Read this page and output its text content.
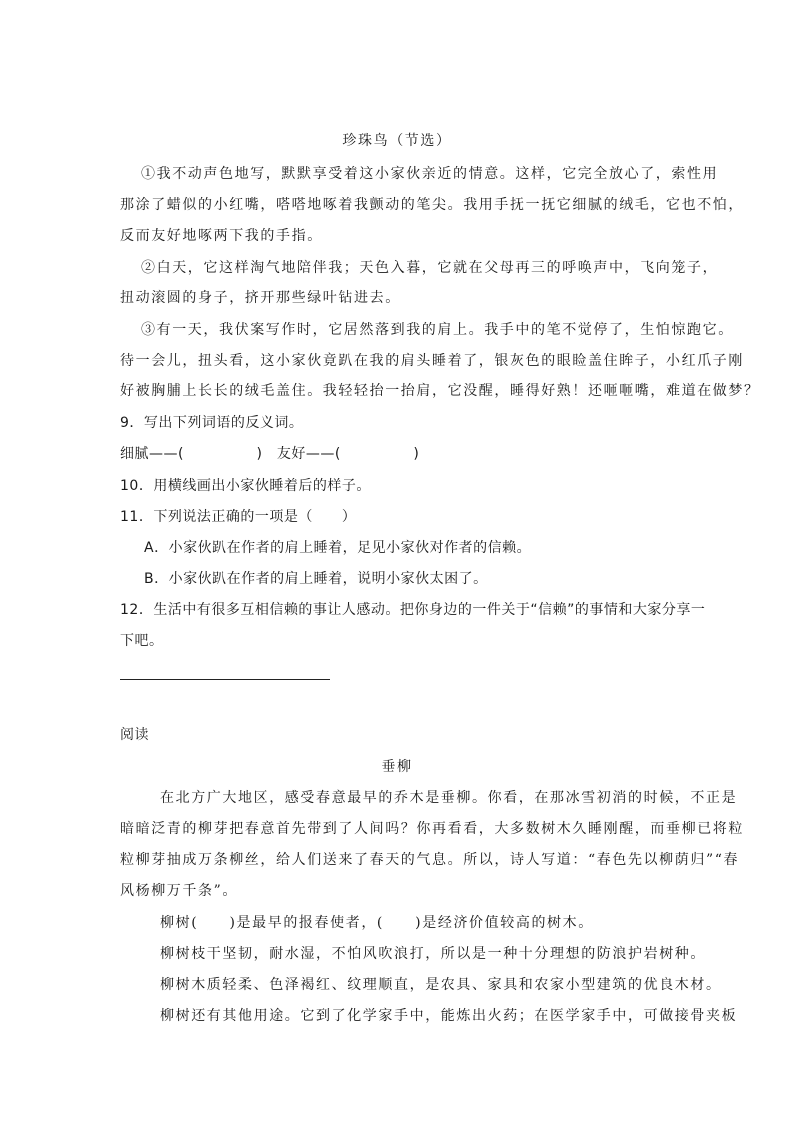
珍珠鸟（节选）
①我不动声色地写，默默享受着这小家伙亲近的情意。这样，它完全放心了，索性用
那涂了蜡似的小红嘴，嗒嗒地啄着我颤动的笔尖。我用手抚一抚它细腻的绒毛，它也不怕，
反而友好地啄两下我的手指。
②白天，它这样淘气地陪伴我；天色入暮，它就在父母再三的呼唤声中，飞向笼子，
扭动滚圆的身子，挤开那些绿叶钻进去。
③有一天，我伏案写作时，它居然落到我的肩上。我手中的笔不觉停了，生怕惊跑它。
待一会儿，扭头看，这小家伙竟趴在我的肩头睡着了，银灰色的眼睑盖住眸子，小红爪子刚
好被胸脯上长长的绒毛盖住。我轻轻抬一抬肩，它没醒，睡得好熟！还咂咂嘴，难道在做梦？
9．写出下列词语的反义词。
细腻——(　　　　　)　友好——(　　　　　)
10．用横线画出小家伙睡着后的样子。
11．下列说法正确的一项是（　　）
A．小家伙趴在作者的肩上睡着，足见小家伙对作者的信赖。
B．小家伙趴在作者的肩上睡着，说明小家伙太困了。
12．生活中有很多互相信赖的事让人感动。把你身边的一件关于“信赖”的事情和大家分享一
下吧。
阅读
垂柳
在北方广大地区，感受春意最早的乔木是垂柳。你看，在那冰雪初消的时候，不正是
暗暗泛青的柳芽把春意首先带到了人间吗？你再看看，大多数树木久睡刚醒，而垂柳已将粒
粒柳芽抽成万条柳丝，给人们送来了春天的气息。所以，诗人写道：“春色先以柳荫归”“春
风杨柳万千条”。
柳树(　　)是最早的报春使者，(　　)是经济价值较高的树木。
柳树枝干坚韧，耐水湿，不怕风吹浪打，所以是一种十分理想的防浪护岩树种。
柳树木质轻柔、色泽褐红、纹理顺直，是农具、家具和农家小型建筑的优良木材。
柳树还有其他用途。它到了化学家手中，能炼出火药；在医学家手中，可做接骨夹板
